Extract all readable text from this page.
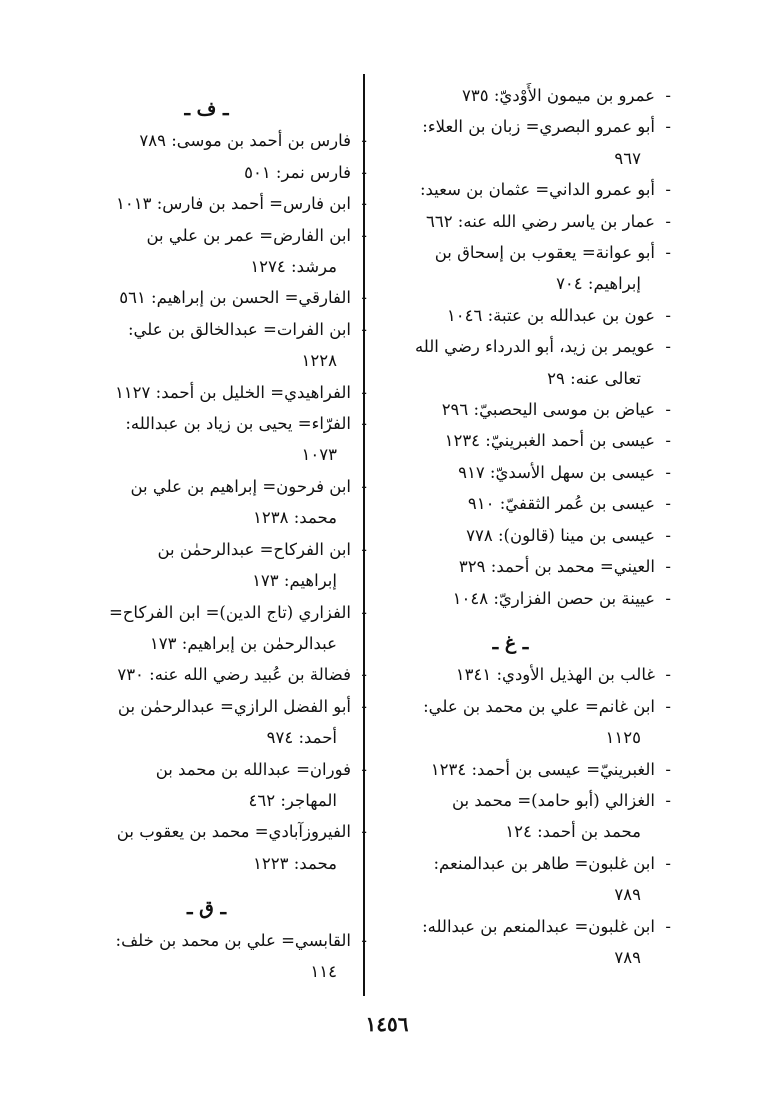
- عمرو بن ميمون الأَوْديّ: ٧٣٥
- أبو عمرو البصري= زبان بن العلاء:
٩٦٧
- أبو عمرو الداني= عثمان بن سعيد:
- عمار بن ياسر رضي الله عنه: ٦٦٢
- أبو عوانة= يعقوب بن إسحاق بن
إبراهيم: ٧٠٤
- عون بن عبدالله بن عتبة: ١٠٤٦
- عويمر بن زيد، أبو الدرداء رضي الله
تعالى عنه: ٢٩
- عياض بن موسى اليحصبيّ: ٢٩٦
- عيسى بن أحمد الغبرينيّ: ١٢٣٤
- عيسى بن سهل الأسديّ: ٩١٧
- عيسى بن عُمر الثقفيّ: ٩١٠
- عيسى بن مينا (قالون): ٧٧٨
- العيني= محمد بن أحمد: ٣٢٩
- عيينة بن حصن الفزاريّ: ١٠٤٨
ـ غ ـ
- غالب بن الهذيل الأودي: ١٣٤١
- ابن غانم= علي بن محمد بن علي:
١١٢٥
- الغبرينيّ= عيسى بن أحمد: ١٢٣٤
- الغزالي (أبو حامد)= محمد بن
محمد بن أحمد: ١٢٤
- ابن غلبون= طاهر بن عبدالمنعم:
٧٨٩
- ابن غلبون= عبدالمنعم بن عبدالله:
٧٨٩
ـ ف ـ
- فارس بن أحمد بن موسى: ٧٨٩
- فارس نمر: ٥٠١
- ابن فارس= أحمد بن فارس: ١٠١٣
- ابن الفارض= عمر بن علي بن
مرشد: ١٢٧٤
- الفارقي= الحسن بن إبراهيم: ٥٦١
- ابن الفرات= عبدالخالق بن علي:
١٢٢٨
- الفراهيدي= الخليل بن أحمد: ١١٢٧
- الفرّاء= يحيى بن زياد بن عبدالله:
١٠٧٣
- ابن فرحون= إبراهيم بن علي بن
محمد: ١٢٣٨
- ابن الفركاح= عبدالرحمٰن بن
إبراهيم: ١٧٣
- الفزاري (تاج الدين)= ابن الفركاح=
عبدالرحمٰن بن إبراهيم: ١٧٣
- فضالة بن عُبيد رضي الله عنه: ٧٣٠
- أبو الفضل الرازي= عبدالرحمٰن بن
أحمد: ٩٧٤
- فوران= عبدالله بن محمد بن
المهاجر: ٤٦٢
- الفيروزآبادي= محمد بن يعقوب بن
محمد: ١٢٢٣
ـ ق ـ
- القابسي= علي بن محمد بن خلف:
١١٤
١٤٥٦
